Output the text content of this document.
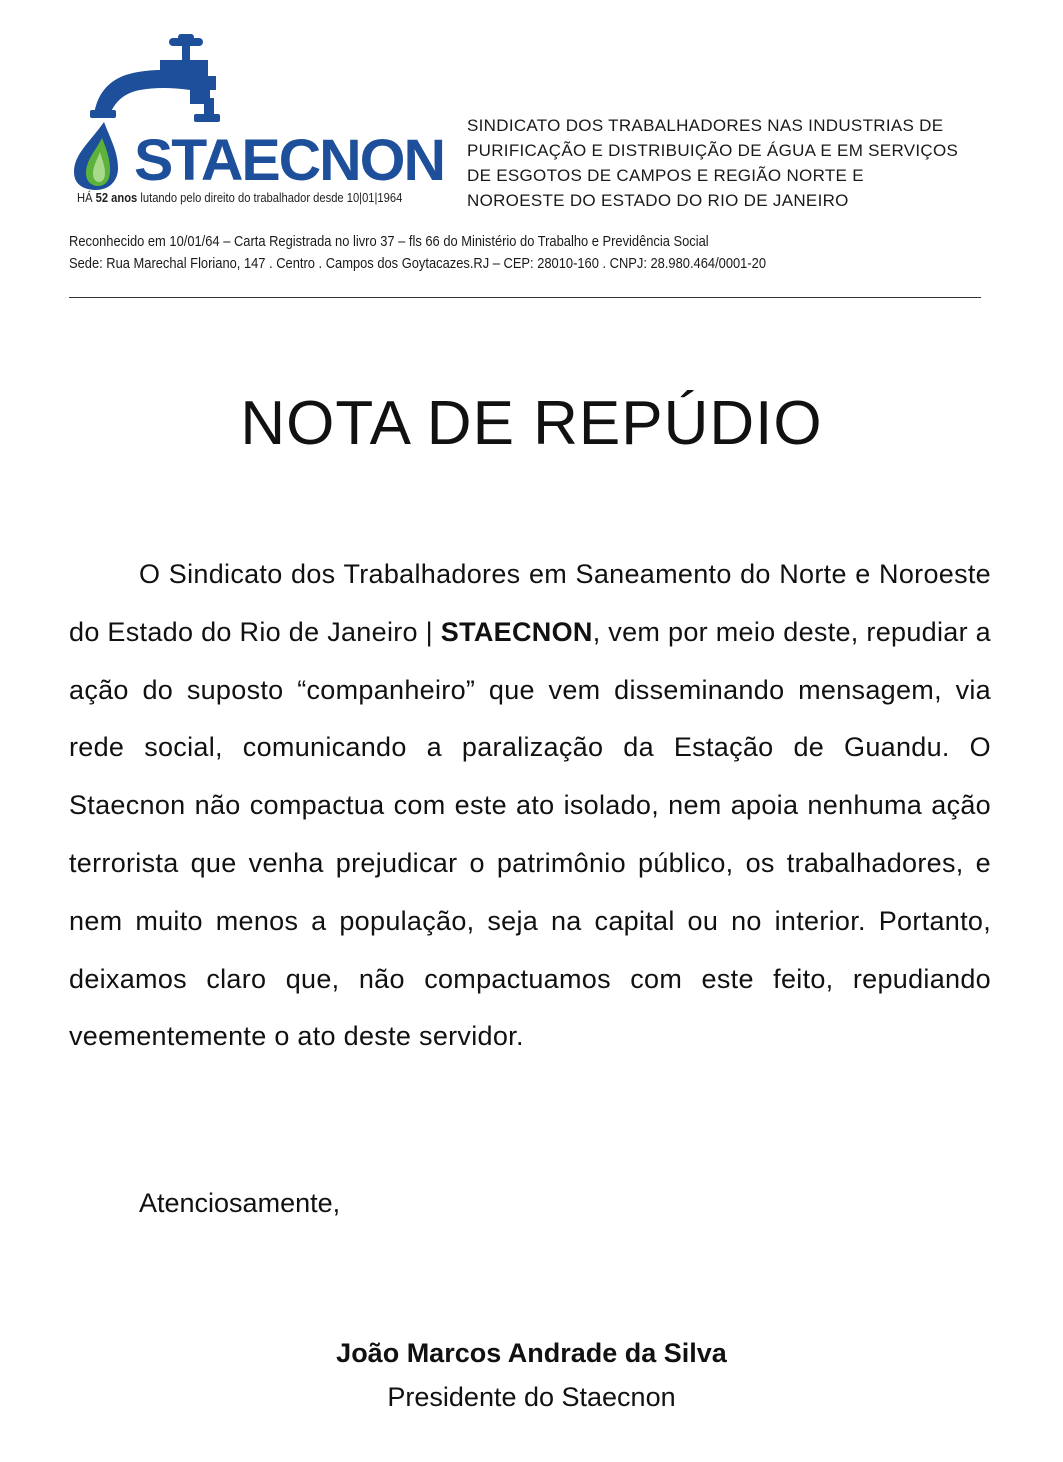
STAECNON
HÁ 52 anos lutando pelo direito do trabalhador desde 10|01|1964
SINDICATO DOS TRABALHADORES NAS INDUSTRIAS DE
PURIFICAÇÃO E DISTRIBUIÇÃO DE ÁGUA E EM SERVIÇOS
DE ESGOTOS DE CAMPOS E REGIÃO NORTE E
NOROESTE DO ESTADO DO RIO DE JANEIRO
Reconhecido em 10/01/64 – Carta Registrada no livro 37 – fls 66 do Ministério do Trabalho e Previdência Social
Sede: Rua Marechal Floriano, 147 . Centro . Campos dos Goytacazes.RJ – CEP: 28010-160 . CNPJ: 28.980.464/0001-20
NOTA DE REPÚDIO

O Sindicato dos Trabalhadores em Saneamento do Norte e Noroeste do Estado do Rio de Janeiro | STAECNON, vem por meio deste, repudiar a ação do suposto “companheiro” que vem disseminando mensagem, via rede social, comunicando a paralização da Estação de Guandu. O Staecnon não compactua com este ato isolado, nem apoia nenhuma ação terrorista que venha prejudicar o patrimônio público, os trabalhadores, e nem muito menos a população, seja na capital ou no interior. Portanto, deixamos claro que, não compactuamos com este feito, repudiando veementemente o ato deste servidor.

Atenciosamente,
João Marcos Andrade da Silva
Presidente do Staecnon
